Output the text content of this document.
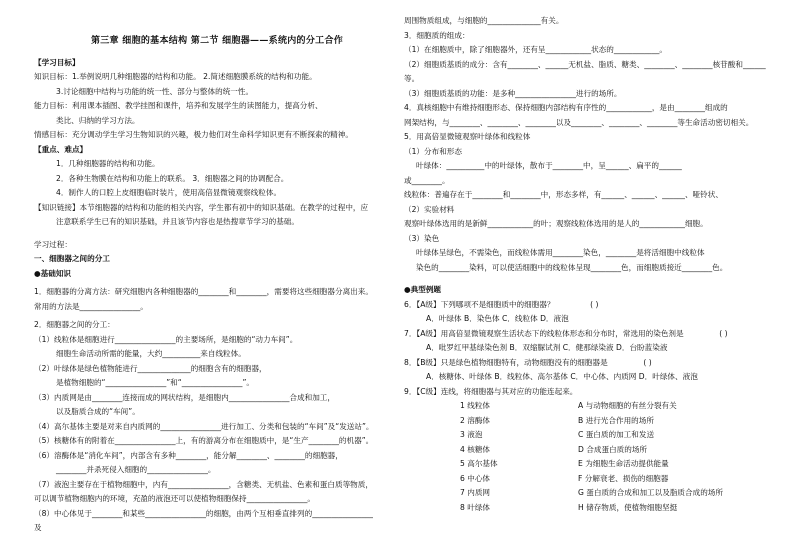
第三章 细胞的基本结构 第二节 细胞器——系统内的分工合作
【学习目标】
知识目标：1.举例说明几种细胞器的结构和功能。 2.简述细胞膜系统的结构和功能。
3.讨论细胞中结构与功能的统一性、部分与整体的统一性。
能力目标：利用课本插图、教学挂图和课件，培养和发展学生的读图能力，提高分析、
类比、归纳的学习方法。
情感目标：充分调动学生学习生物知识的兴趣，极力他们对生命科学知识更有不断探索的精神。
【重点、难点】
1．几种细胞器的结构和功能。
2．各种生物膜在结构和功能上的联系。 3．细胞器之间的协调配合。
4．制作人的口腔上皮细胞临时装片，使用高倍显微镜观察线粒体。
【知识链接】本节细胞器的结构和功能的相关内容，学生都有初中的知识基础。在教学的过程中，应
注意联系学生已有的知识基础，并且该节内容也是热搜章节学习的基础。
学习过程：
一、细胞器之间的分工
●基础知识
1．细胞器的分离方法：研究细胞内各种细胞器的________和________，需要将这些细胞器分离出来。
常用的方法是________________。
2．细胞器之间的分工：
（1）线粒体是细胞进行________________的主要场所，是细胞的“动力车间”。
细胞生命活动所需的能量，大约__________来自线粒体。
（2）叶绿体是绿色植物能进行______________的细胞含有的细胞器，
是植物细胞的“________________”和“________________”。
（3）内质网是由________连接而成的网状结构，是细胞内________________合成和加工，
以及脂质合成的“车间”。
（4）高尔基体主要是对来自内质网的________________进行加工、分类和包装的“车间”及“发送站”。
（5）核糖体有的附着在________________上，有的游离分布在细胞质中，是“生产________的机器”。
（6）溶酶体是“消化车间”，内部含有多种________，能分解________、________的细胞器，
________并杀死侵入细胞的________________。
（7）液泡主要存在于植物细胞中，内有________________，含糖类、无机盐、色素和蛋白质等物质，
可以调节植物细胞内的环境，充盈的液泡还可以使植物细胞保持________________。
（8）中心体见于________和某些________________的细胞，由两个互相垂直排列的________________
及
周围物质组成，与细胞的______________有关。
3．细胞质的组成：
（1）在细胞质中，除了细胞器外，还有呈____________状态的____________。
（2）细胞质基质的成分：含有________、______无机盐、脂质、糖类、________、________核苷酸和______
等。
（3）细胞质基质的功能：是多种________________进行的场所。
4．真核细胞中有维持细胞形态、保持细胞内部结构有序性的____________，是由________组成的
网架结构，与________、________、________以及________、________、________等生命活动密切相关。
5．用高倍显微镜观察叶绿体和线粒体
（1）分布和形态
叶绿体：__________中的叶绿体，散布于________中，呈______、扁平的______
或________。
线粒体：普遍存在于________和________中，形态多样，有______、______、______、哑铃状、
（2）实验材料
观察叶绿体选用的是新鲜____________的叶；观察线粒体选用的是人的____________细胞。
（3）染色
叶绿体呈绿色，不需染色，而线粒体需用________染色，________是将活细胞中线粒体
染色的________染料，可以使活细胞中的线粒体呈现________色，而细胞质接近________色。
●典型例题
6．【A级】下列哪项不是细胞质中的细胞器？	( )
A．叶绿体 B．染色体 C．线粒体 D．液泡
7．【A级】用高倍显微镜观察生活状态下的线粒体形态和分布时，常选用的染色剂是	( )
A．吡罗红甲基绿染色剂 B．双缩脲试剂 C．健那绿染液 D．台盼蓝染液
8．【B级】只是绿色植物细胞特有，动物细胞没有的细胞器是	( )
A．核糖体、叶绿体 B．线粒体、高尔基体 C．中心体、内质网 D．叶绿体、液泡
9．【C级】连线，将细胞器与其对应的功能连起来。
1 线粒体	A 与动物细胞的有丝分裂有关
2 溶酶体	B 进行光合作用的场所
3 液泡	C 蛋白质的加工和发送
4 核糖体	D 合成蛋白质的场所
5 高尔基体	E 为细胞生命活动提供能量
6 中心体	F 分解衰老、损伤的细胞器
7 内质网	G 蛋白质的合成和加工以及脂质合成的场所
8 叶绿体	H 储存物质，使植物细胞坚挺
